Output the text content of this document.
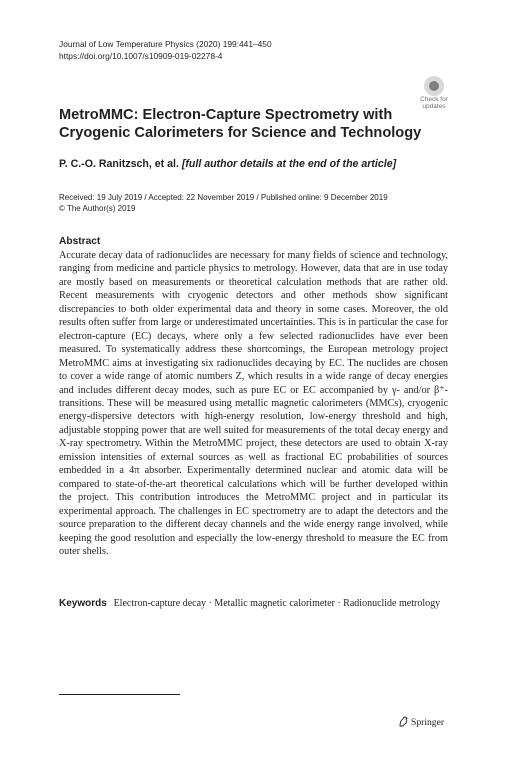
Journal of Low Temperature Physics (2020) 199:441–450
https://doi.org/10.1007/s10909-019-02278-4
Check for
updates
MetroMMC: Electron-Capture Spectrometry with Cryogenic Calorimeters for Science and Technology
P. C.-O. Ranitzsch, et al. [full author details at the end of the article]
Received: 19 July 2019 / Accepted: 22 November 2019 / Published online: 9 December 2019
© The Author(s) 2019
Abstract

Accurate decay data of radionuclides are necessary for many fields of science and technology, ranging from medicine and particle physics to metrology. However, data that are in use today are mostly based on measurements or theoretical calculation methods that are rather old. Recent measurements with cryogenic detectors and other methods show significant discrepancies to both older experimental data and theory in some cases. Moreover, the old results often suffer from large or underestimated uncertainties. This is in particular the case for electron-capture (EC) decays, where only a few selected radionuclides have ever been measured. To systematically address these shortcomings, the European metrology project MetroMMC aims at investigating six radionuclides decaying by EC. The nuclides are chosen to cover a wide range of atomic numbers Z, which results in a wide range of decay energies and includes different decay modes, such as pure EC or EC accompanied by γ- and/or β⁺-transitions. These will be measured using metallic magnetic calorimeters (MMCs), cryogenic energy-dispersive detectors with high-energy resolution, low-energy threshold and high, adjustable stopping power that are well suited for measurements of the total decay energy and X-ray spectrometry. Within the MetroMMC project, these detectors are used to obtain X-ray emission intensities of external sources as well as fractional EC probabilities of sources embedded in a 4π absorber. Experimentally determined nuclear and atomic data will be compared to state-of-the-art theoretical calculations which will be further developed within the project. This contribution introduces the MetroMMC project and in particular its experimental approach. The challenges in EC spectrometry are to adapt the detectors and the source preparation to the different decay channels and the wide energy range involved, while keeping the good resolution and especially the low-energy threshold to measure the EC from outer shells.

Keywords Electron-capture decay · Metallic magnetic calorimeter · Radionuclide metrology

Springer
